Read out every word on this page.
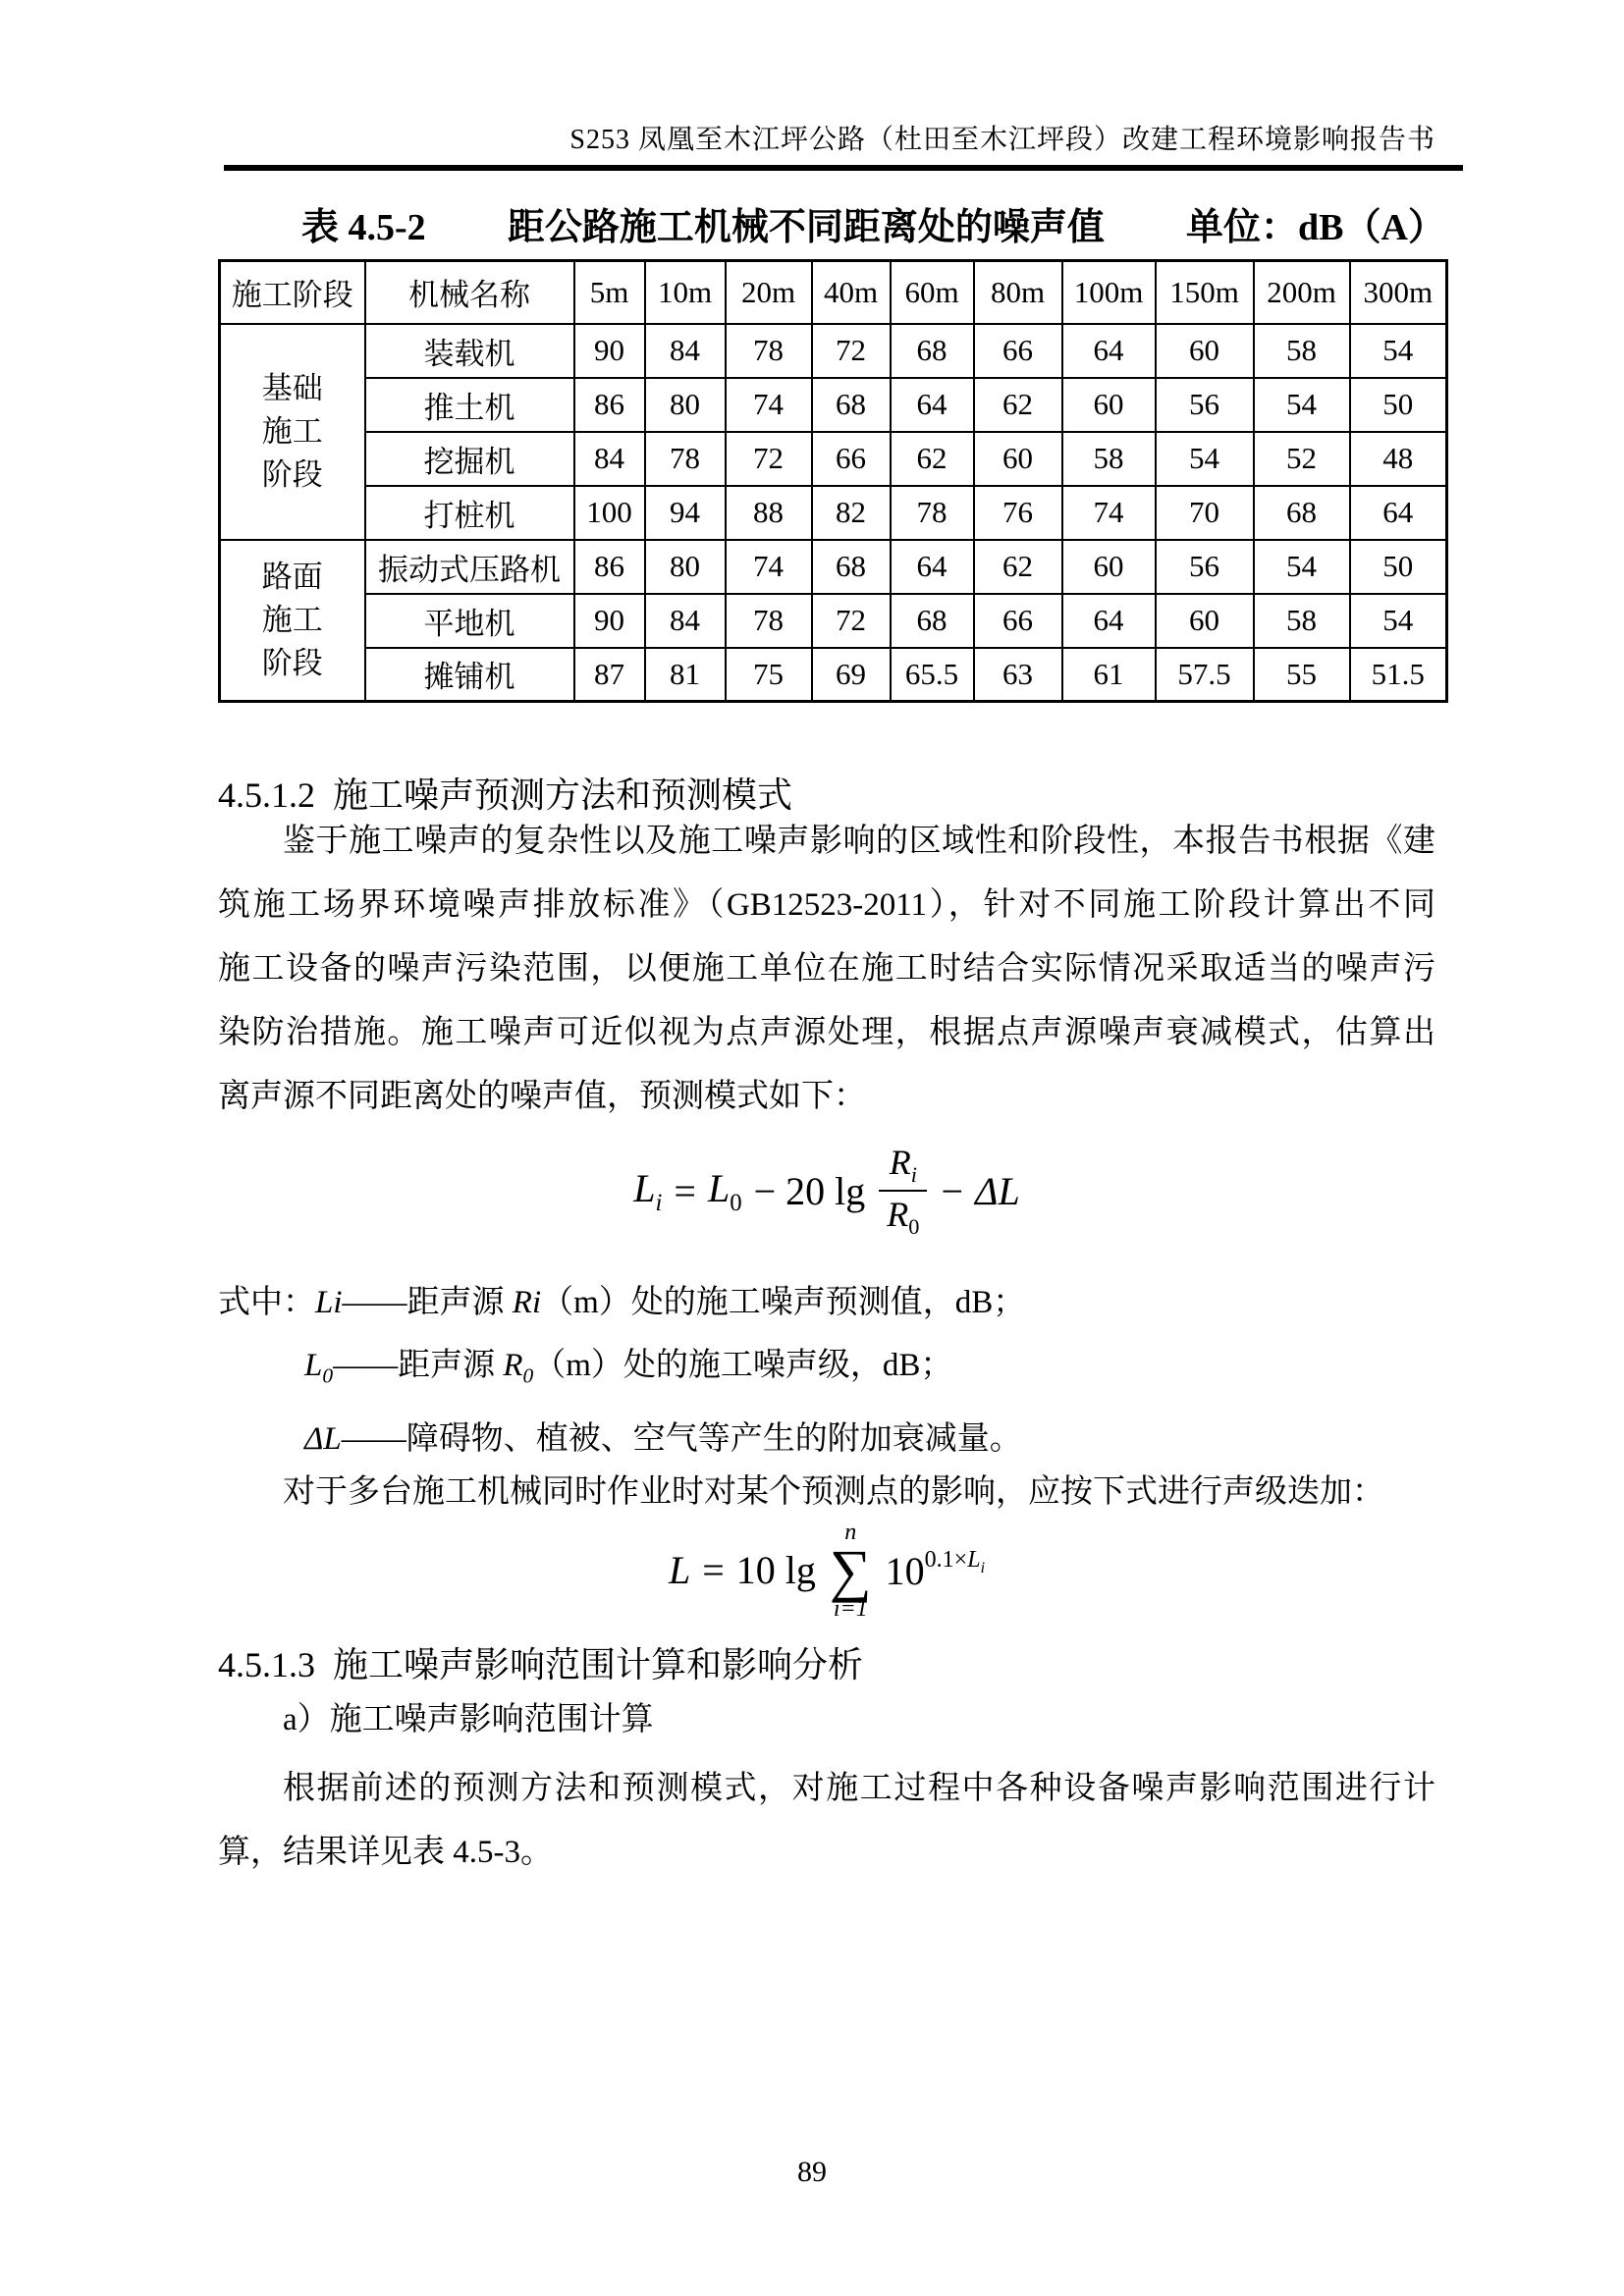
S253 凤凰至木江坪公路（杜田至木江坪段）改建工程环境影响报告书
表 4.5-2 距公路施工机械不同距离处的噪声值 单位：dB（A）
施工阶段	机械名称	5m	10m	20m	40m	60m	80m	100m	150m	200m	300m

基础
施工
阶段	装载机	90	84	78	72	68	66	64	60	58	54
	推土机	86	80	74	68	64	62	60	56	54	50
	挖掘机	84	78	72	66	62	60	58	54	52	48
	打桩机	100	94	88	82	78	76	74	70	68	64

路面
施工
阶段	振动式压路机	86	80	74	68	64	62	60	56	54	50
	平地机	90	84	78	72	68	66	64	60	58	54
	摊铺机	87	81	75	69	65.5	63	61	57.5	55	51.5
4.5.1.2  施工噪声预测方法和预测模式
鉴于施工噪声的复杂性以及施工噪声影响的区域性和阶段性，本报告书根据《建
筑施工场界环境噪声排放标准》（GB12523-2011），针对不同施工阶段计算出不同
施工设备的噪声污染范围，以便施工单位在施工时结合实际情况采取适当的噪声污
染防治措施。施工噪声可近似视为点声源处理，根据点声源噪声衰减模式，估算出
离声源不同距离处的噪声值，预测模式如下：
$L_i = L_0 - 20$ $\lg \frac{R_i}{R_0} - \Delta L$
式中：Li——距声源 Ri（m）处的施工噪声预测值，dB；
$L_0——$距声源 $R_0(m)$处的施工噪声级，dB；
ΔL——障碍物、植被、空气等产生的附加衰减量。
对于多台施工机械同时作业时对某个预测点的影响，应按下式进行声级迭加：
L = 10 lg
n
∑
i=1
$10^{0.1\times L_i}$
4.5.1.3  施工噪声影响范围计算和影响分析
a）施工噪声影响范围计算
根据前述的预测方法和预测模式，对施工过程中各种设备噪声影响范围进行计
算，结果详见表 4.5-3。
89
